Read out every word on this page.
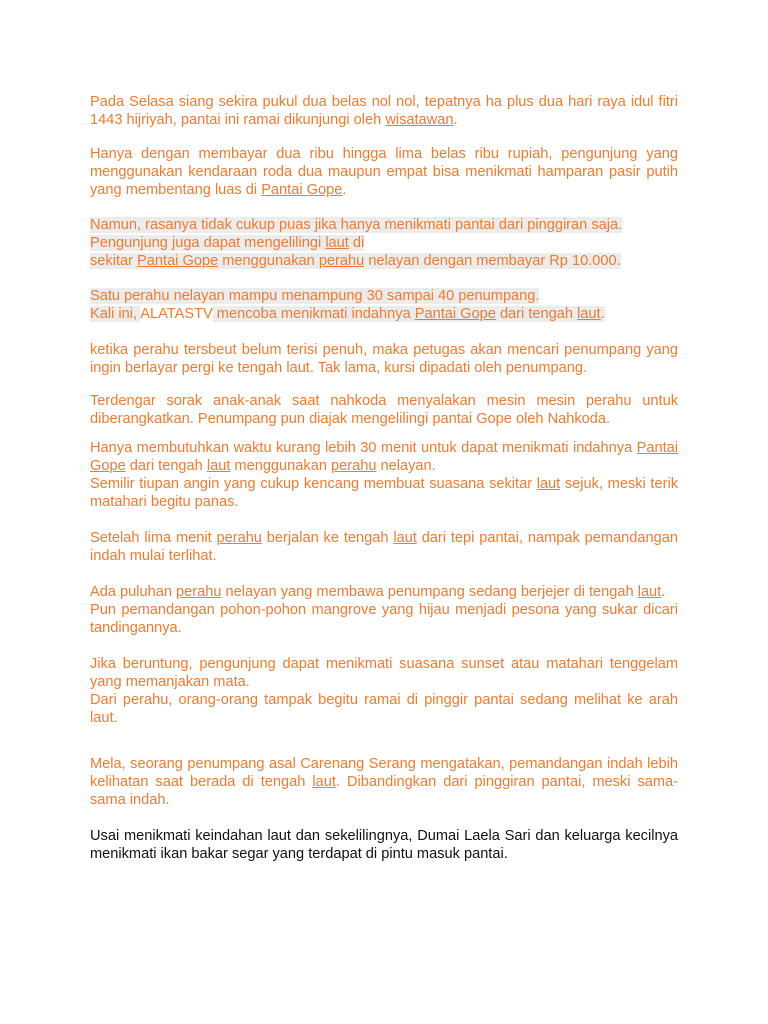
Pada Selasa siang sekira pukul dua belas nol nol, tepatnya ha plus dua hari raya idul fitri 1443 hijriyah, pantai ini ramai dikunjungi oleh wisatawan.

Hanya dengan membayar dua ribu hingga lima belas ribu rupiah, pengunjung yang menggunakan kendaraan roda dua maupun empat bisa menikmati hamparan pasir putih yang membentang luas di Pantai Gope.

Namun, rasanya tidak cukup puas jika hanya menikmati pantai dari pinggiran saja.
Pengunjung juga dapat mengelilingi laut di
sekitar Pantai Gope menggunakan perahu nelayan dengan membayar Rp 10.000.

Satu perahu nelayan mampu menampung 30 sampai 40 penumpang.
Kali ini, ALATASTV mencoba menikmati indahnya Pantai Gope dari tengah laut.

ketika perahu tersbeut belum terisi penuh, maka petugas akan mencari penumpang yang ingin berlayar pergi ke tengah laut. Tak lama, kursi dipadati oleh penumpang.

Terdengar sorak anak-anak saat nahkoda menyalakan mesin mesin perahu untuk diberangkatkan. Penumpang pun diajak mengelilingi pantai Gope oleh Nahkoda.

Hanya membutuhkan waktu kurang lebih 30 menit untuk dapat menikmati indahnya Pantai Gope dari tengah laut menggunakan perahu nelayan.
Semilir tiupan angin yang cukup kencang membuat suasana sekitar laut sejuk, meski terik matahari begitu panas.

Setelah lima menit perahu berjalan ke tengah laut dari tepi pantai, nampak pemandangan indah mulai terlihat.

Ada puluhan perahu nelayan yang membawa penumpang sedang berjejer di tengah laut.
Pun pemandangan pohon-pohon mangrove yang hijau menjadi pesona yang sukar dicari tandingannya.

Jika beruntung, pengunjung dapat menikmati suasana sunset atau matahari tenggelam yang memanjakan mata.
Dari perahu, orang-orang tampak begitu ramai di pinggir pantai sedang melihat ke arah laut.

Mela, seorang penumpang asal Carenang Serang mengatakan, pemandangan indah lebih kelihatan saat berada di tengah laut. Dibandingkan dari pinggiran pantai, meski sama-sama indah.

Usai menikmati keindahan laut dan sekelilingnya, Dumai Laela Sari dan keluarga kecilnya menikmati ikan bakar segar yang terdapat di pintu masuk pantai.
